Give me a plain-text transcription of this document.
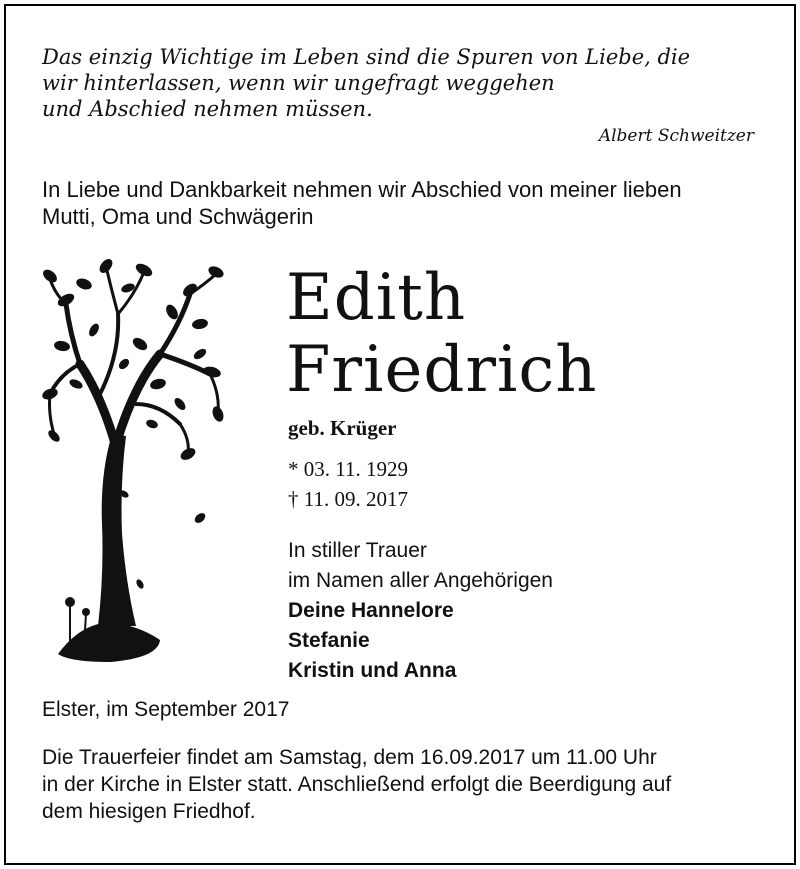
Das einzig Wichtige im Leben sind die Spuren von Liebe, die
wir hinterlassen, wenn wir ungefragt weggehen
und Abschied nehmen müssen.
Albert Schweitzer
In Liebe und Dankbarkeit nehmen wir Abschied von meiner lieben
Mutti, Oma und Schwägerin
Edith
Friedrich
geb. Krüger
* 03. 11. 1929
† 11. 09. 2017
In stiller Trauer
im Namen aller Angehörigen
Deine Hannelore
Stefanie
Kristin und Anna
Elster, im September 2017
Die Trauerfeier findet am Samstag, dem 16.09.2017 um 11.00 Uhr
in der Kirche in Elster statt. Anschließend erfolgt die Beerdigung auf
dem hiesigen Friedhof.
